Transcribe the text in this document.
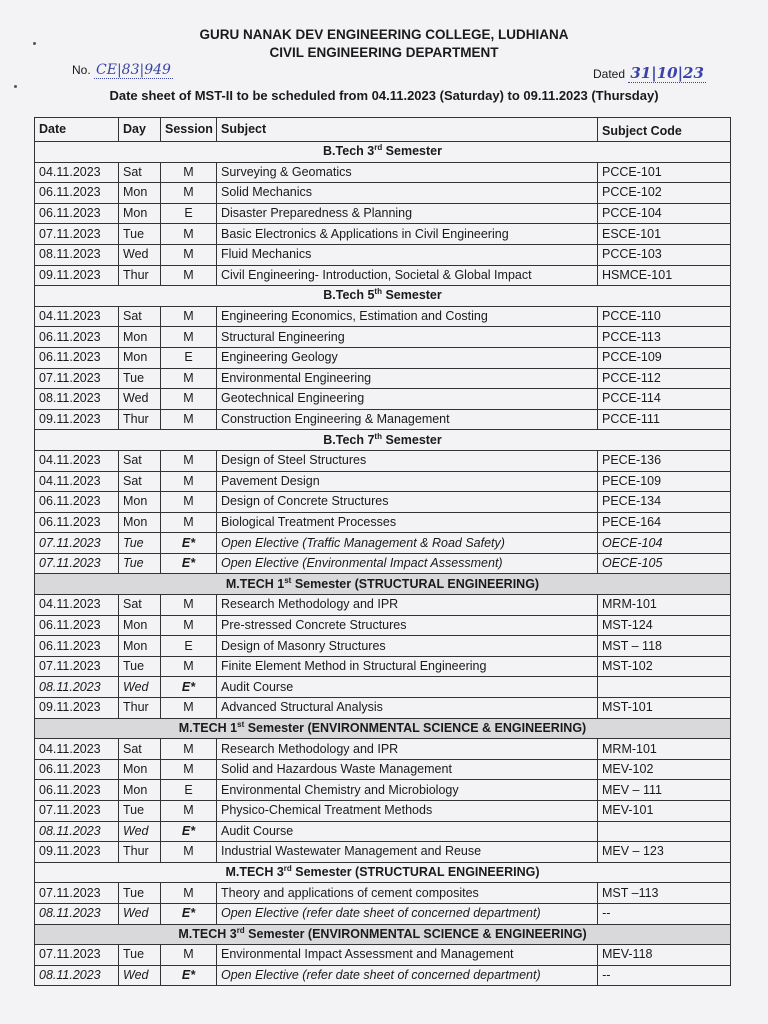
GURU NANAK DEV ENGINEERING COLLEGE, LUDHIANA
CIVIL ENGINEERING DEPARTMENT
No. CE|83|949	Dated 31|10|23
Date sheet of MST-II to be scheduled from 04.11.2023 (Saturday) to 09.11.2023 (Thursday)
Date	Day	Session	Subject	Subject Code
B.Tech 3rd Semester				
04.11.2023	Sat	M	Surveying & Geomatics	PCCE-101
06.11.2023	Mon	M	Solid Mechanics	PCCE-102
06.11.2023	Mon	E	Disaster Preparedness & Planning	PCCE-104
07.11.2023	Tue	M	Basic Electronics & Applications in Civil Engineering	ESCE-101
08.11.2023	Wed	M	Fluid Mechanics	PCCE-103
09.11.2023	Thur	M	Civil Engineering- Introduction, Societal & Global Impact	HSMCE-101
B.Tech 5th Semester				
04.11.2023	Sat	M	Engineering Economics, Estimation and Costing	PCCE-110
06.11.2023	Mon	M	Structural Engineering	PCCE-113
06.11.2023	Mon	E	Engineering Geology	PCCE-109
07.11.2023	Tue	M	Environmental Engineering	PCCE-112
08.11.2023	Wed	M	Geotechnical Engineering	PCCE-114
09.11.2023	Thur	M	Construction Engineering & Management	PCCE-111
B.Tech 7th Semester				
04.11.2023	Sat	M	Design of Steel Structures	PECE-136
04.11.2023	Sat	M	Pavement Design	PECE-109
06.11.2023	Mon	M	Design of Concrete Structures	PECE-134
06.11.2023	Mon	M	Biological Treatment Processes	PECE-164
07.11.2023	Tue	E*	Open Elective (Traffic Management & Road Safety)	OECE-104
07.11.2023	Tue	E*	Open Elective (Environmental Impact Assessment)	OECE-105
M.TECH 1st Semester (STRUCTURAL ENGINEERING)				
04.11.2023	Sat	M	Research Methodology and IPR	MRM-101
06.11.2023	Mon	M	Pre-stressed Concrete Structures	MST-124
06.11.2023	Mon	E	Design of Masonry Structures	MST – 118
07.11.2023	Tue	M	Finite Element Method in Structural Engineering	MST-102
08.11.2023	Wed	E*	Audit Course	
09.11.2023	Thur	M	Advanced Structural Analysis	MST-101
M.TECH 1st Semester (ENVIRONMENTAL SCIENCE & ENGINEERING)				
04.11.2023	Sat	M	Research Methodology and IPR	MRM-101
06.11.2023	Mon	M	Solid and Hazardous Waste Management	MEV-102
06.11.2023	Mon	E	Environmental Chemistry and Microbiology	MEV – 111
07.11.2023	Tue	M	Physico-Chemical Treatment Methods	MEV-101
08.11.2023	Wed	E*	Audit Course	
09.11.2023	Thur	M	Industrial Wastewater Management and Reuse	MEV – 123
M.TECH 3rd Semester (STRUCTURAL ENGINEERING)				
07.11.2023	Tue	M	Theory and applications of cement composites	MST –113
08.11.2023	Wed	E*	Open Elective (refer date sheet of concerned department)	--
M.TECH 3rd Semester (ENVIRONMENTAL SCIENCE & ENGINEERING)				
07.11.2023	Tue	M	Environmental Impact Assessment and Management	MEV-118
08.11.2023	Wed	E*	Open Elective (refer date sheet of concerned department)	--
